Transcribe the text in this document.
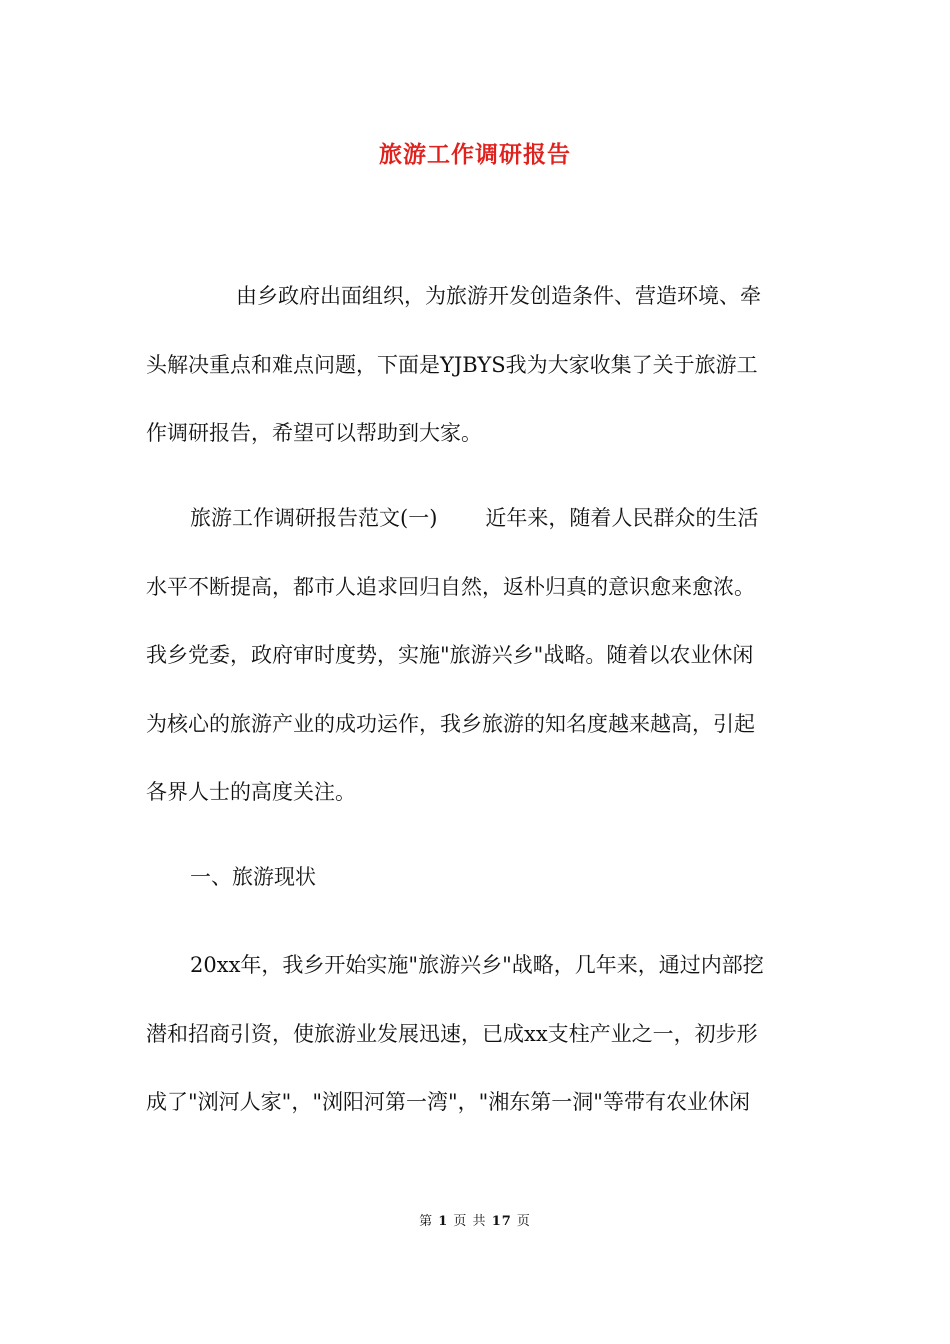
旅游工作调研报告
由乡政府出面组织，为旅游开发创造条件、营造环境、牵
头解决重点和难点问题，下面是YJBYS我为大家收集了关于旅游工
作调研报告，希望可以帮助到大家。
旅游工作调研报告范文(一) 近年来，随着人民群众的生活
水平不断提高，都市人追求回归自然，返朴归真的意识愈来愈浓。
我乡党委，政府审时度势，实施"旅游兴乡"战略。随着以农业休闲
为核心的旅游产业的成功运作，我乡旅游的知名度越来越高，引起
各界人士的高度关注。
一、旅游现状
20xx年，我乡开始实施"旅游兴乡"战略，几年来，通过内部挖
潜和招商引资，使旅游业发展迅速，已成xx支柱产业之一，初步形
成了"浏河人家"，"浏阳河第一湾"，"湘东第一洞"等带有农业休闲
第 1 页 共 17 页
